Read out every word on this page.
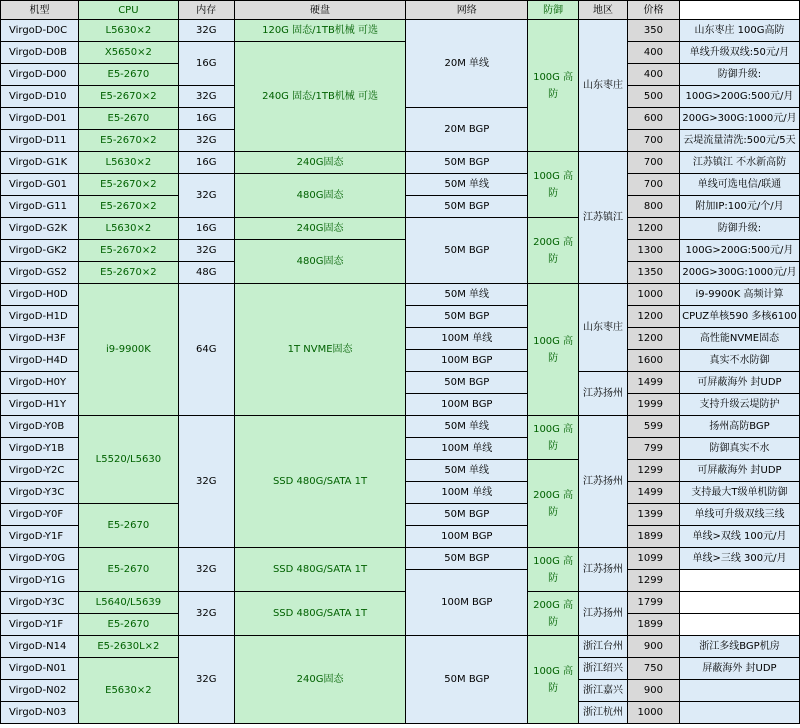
机型	CPU	内存	硬盘	网络	防御	地区	价格	
VirgoD-D0C	L5630×2	32G	120G 固态/1TB机械 可选	20M 单线	100G 高防	山东枣庄	350	山东枣庄 100G高防
VirgoD-D0B	X5650×2	16G	240G 固态/1TB机械 可选				400	单线升级双线:50元/月
VirgoD-D00	E5-2670						400	防御升级:
VirgoD-D10	E5-2670×2	32G					500	100G>200G:500元/月
VirgoD-D01	E5-2670	16G		20M BGP			600	200G>300G:1000元/月
VirgoD-D11	E5-2670×2	32G					700	云堤流量清洗:500元/5天
VirgoD-G1K	L5630×2	16G	240G固态	50M BGP	100G 高防	江苏镇江	700	江苏镇江 不水新高防
VirgoD-G01	E5-2670×2	32G	480G固态	50M 单线			700	单线可选电信/联通
VirgoD-G11	E5-2670×2			50M BGP			800	附加IP:100元/个/月
VirgoD-G2K	L5630×2	16G	240G固态	50M BGP	200G 高防		1200	防御升级:
VirgoD-GK2	E5-2670×2	32G	480G固态				1300	100G>200G:500元/月
VirgoD-GS2	E5-2670×2	48G					1350	200G>300G:1000元/月
VirgoD-H0D	i9-9900K	64G	1T NVME固态	50M 单线	100G 高防	山东枣庄	1000	i9-9900K 高频计算
VirgoD-H1D				50M BGP			1200	CPUZ单核590 多核6100
VirgoD-H3F				100M 单线			1200	高性能NVME固态
VirgoD-H4D				100M BGP			1600	真实不水防御
VirgoD-H0Y				50M BGP		江苏扬州	1499	可屏蔽海外 封UDP
VirgoD-H1Y				100M BGP			1999	支持升级云堤防护
VirgoD-Y0B	L5520/L5630	32G	SSD 480G/SATA 1T	50M 单线	100G 高防	江苏扬州	599	扬州高防BGP
VirgoD-Y1B				100M 单线			799	防御真实不水
VirgoD-Y2C				50M 单线	200G 高防		1299	可屏蔽海外 封UDP
VirgoD-Y3C				100M 单线			1499	支持最大T级单机防御
VirgoD-Y0F	E5-2670			50M BGP			1399	单线可升级双线三线
VirgoD-Y1F				100M BGP			1899	单线>双线 100元/月
VirgoD-Y0G	E5-2670	32G	SSD 480G/SATA 1T	50M BGP	100G 高防	江苏扬州	1099	单线>三线 300元/月
VirgoD-Y1G				100M BGP			1299	
VirgoD-Y3C	L5640/L5639	32G	SSD 480G/SATA 1T		200G 高防	江苏扬州	1799	
VirgoD-Y1F	E5-2670						1899	
VirgoD-N14	E5-2630L×2	32G	240G固态	50M BGP	100G 高防	浙江台州	900	浙江多线BGP机房
VirgoD-N01	E5630×2					浙江绍兴	750	屏蔽海外 封UDP
VirgoD-N02						浙江嘉兴	900	
VirgoD-N03						浙江杭州	1000	
